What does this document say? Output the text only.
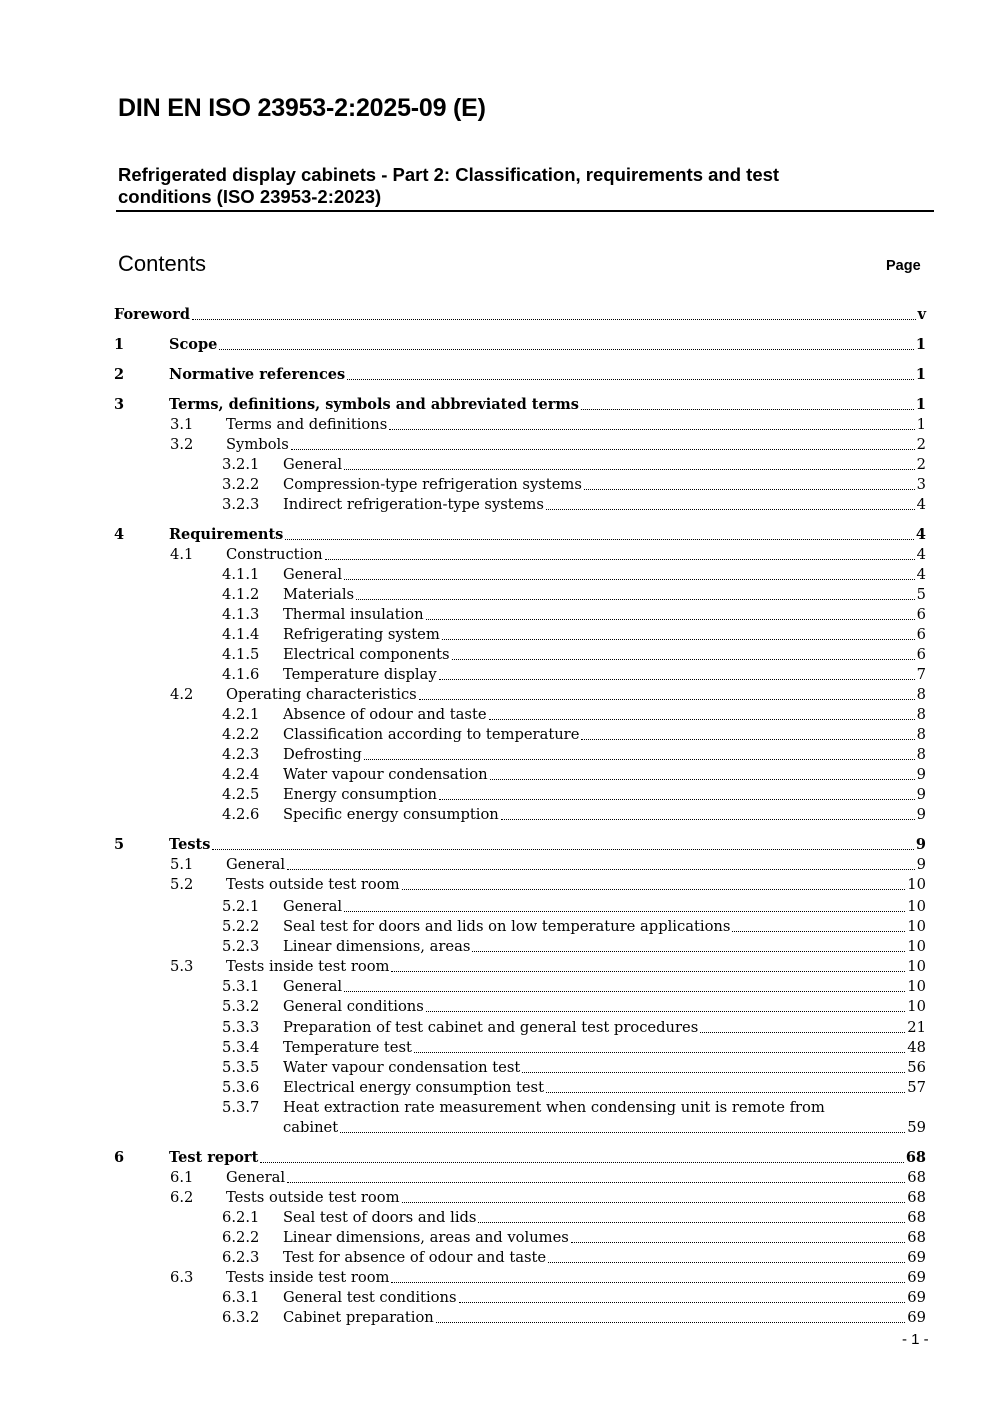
DIN EN ISO 23953-2:2025-09 (E)
Refrigerated display cabinets - Part 2: Classification, requirements and test conditions (ISO 23953-2:2023)
Contents	Page
Foreword	v
1	Scope	1
2	Normative references	1
3	Terms, definitions, symbols and abbreviated terms	1
3.1 Terms and definitions	1
3.2 Symbols	2
3.2.1 General	2
3.2.2 Compression-type refrigeration systems	3
3.2.3 Indirect refrigeration-type systems	4
4	Requirements	4
4.1 Construction	4
4.1.1 General	4
4.1.2 Materials	5
4.1.3 Thermal insulation	6
4.1.4 Refrigerating system	6
4.1.5 Electrical components	6
4.1.6 Temperature display	7
4.2 Operating characteristics	8
4.2.1 Absence of odour and taste	8
4.2.2 Classification according to temperature	8
4.2.3 Defrosting	8
4.2.4 Water vapour condensation	9
4.2.5 Energy consumption	9
4.2.6 Specific energy consumption	9
5	Tests	9
5.1 General	9
5.2 Tests outside test room	10
5.2.1 General	10
5.2.2 Seal test for doors and lids on low temperature applications	10
5.2.3 Linear dimensions, areas	10
5.3 Tests inside test room	10
5.3.1 General	10
5.3.2 General conditions	10
5.3.3 Preparation of test cabinet and general test procedures	21
5.3.4 Temperature test	48
5.3.5 Water vapour condensation test	56
5.3.6 Electrical energy consumption test	57
5.3.7 Heat extraction rate measurement when condensing unit is remote from
cabinet	59
6	Test report	68
6.1 General	68
6.2 Tests outside test room	68
6.2.1 Seal test of doors and lids	68
6.2.2 Linear dimensions, areas and volumes	68
6.2.3 Test for absence of odour and taste	69
6.3 Tests inside test room	69
6.3.1 General test conditions	69
6.3.2 Cabinet preparation	69
- 1 -
